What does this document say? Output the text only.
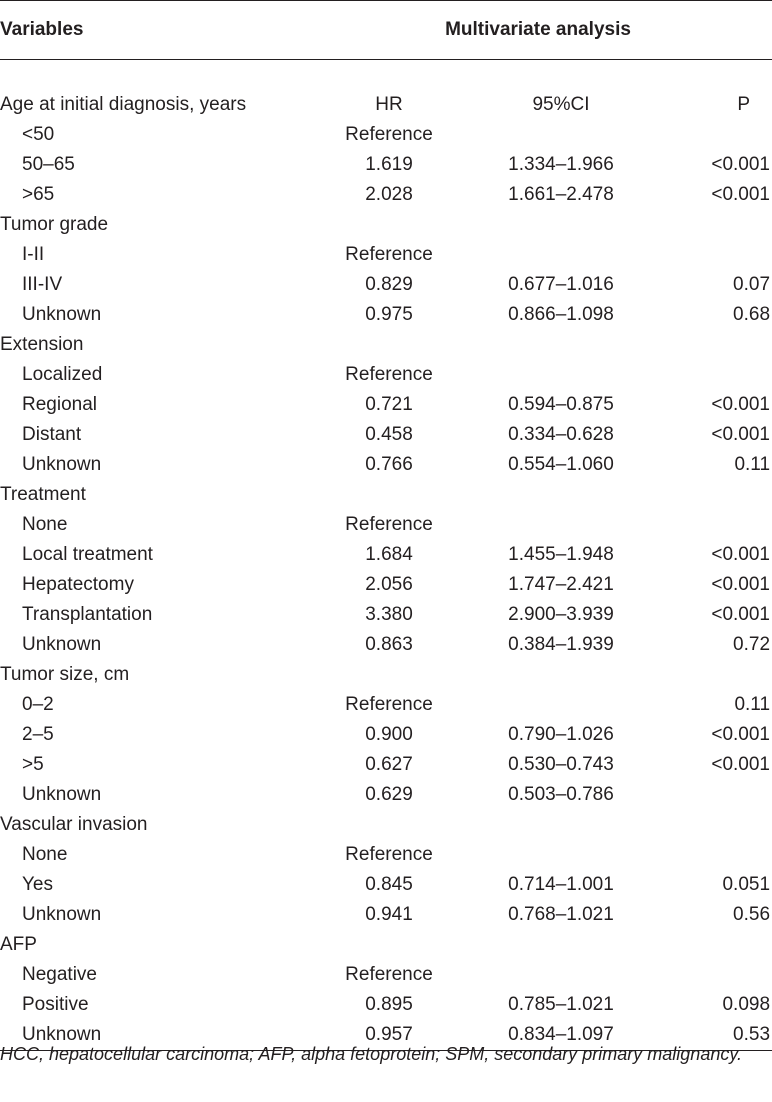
Variables	Multivariate analysis		

Age at initial diagnosis, years	HR	95%CI	P
<50	Reference		
50–65	1.619	1.334–1.966	<0.001
>65	2.028	1.661–2.478	<0.001
Tumor grade			
I-II	Reference		
III-IV	0.829	0.677–1.016	0.07
Unknown	0.975	0.866–1.098	0.68
Extension			
Localized	Reference		
Regional	0.721	0.594–0.875	<0.001
Distant	0.458	0.334–0.628	<0.001
Unknown	0.766	0.554–1.060	0.11
Treatment			
None	Reference		
Local treatment	1.684	1.455–1.948	<0.001
Hepatectomy	2.056	1.747–2.421	<0.001
Transplantation	3.380	2.900–3.939	<0.001
Unknown	0.863	0.384–1.939	0.72
Tumor size, cm			
0–2	Reference		0.11
2–5	0.900	0.790–1.026	<0.001
>5	0.627	0.530–0.743	<0.001
Unknown	0.629	0.503–0.786	
Vascular invasion			
None	Reference		
Yes	0.845	0.714–1.001	0.051
Unknown	0.941	0.768–1.021	0.56
AFP			
Negative	Reference		
Positive	0.895	0.785–1.021	0.098
Unknown	0.957	0.834–1.097	0.53
HCC, hepatocellular carcinoma; AFP, alpha fetoprotein; SPM, secondary primary malignancy.
